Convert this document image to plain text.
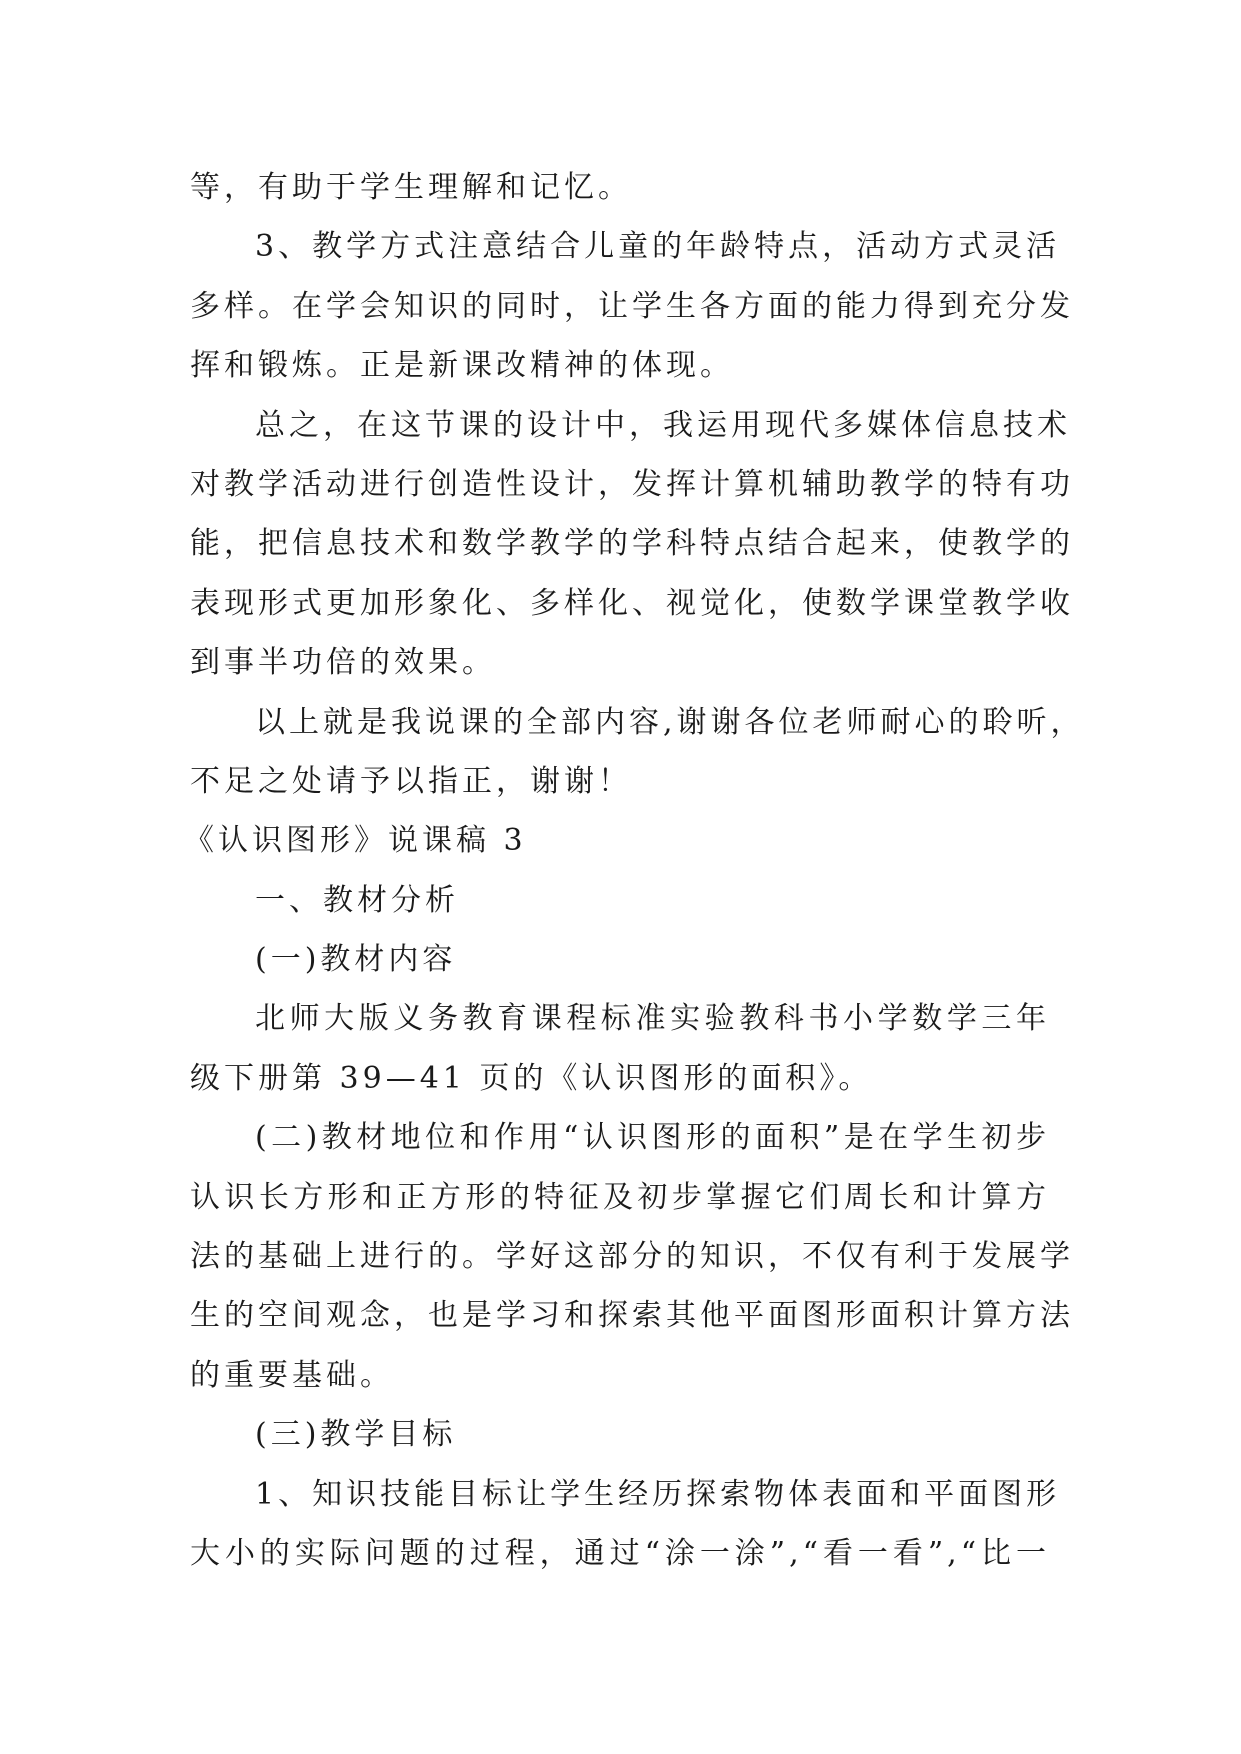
等，有助于学生理解和记忆。
3、教学方式注意结合儿童的年龄特点，活动方式灵活
多样。在学会知识的同时，让学生各方面的能力得到充分发
挥和锻炼。正是新课改精神的体现。
总之，在这节课的设计中，我运用现代多媒体信息技术
对教学活动进行创造性设计，发挥计算机辅助教学的特有功
能，把信息技术和数学教学的学科特点结合起来，使教学的
表现形式更加形象化、多样化、视觉化，使数学课堂教学收
到事半功倍的效果。
以上就是我说课的全部内容,谢谢各位老师耐心的聆听，
不足之处请予以指正，谢谢！
《认识图形》说课稿 3
一、教材分析
(一)教材内容
北师大版义务教育课程标准实验教科书小学数学三年
级下册第 39—41 页的《认识图形的面积》。
(二)教材地位和作用“认识图形的面积”是在学生初步
认识长方形和正方形的特征及初步掌握它们周长和计算方
法的基础上进行的。学好这部分的知识，不仅有利于发展学
生的空间观念，也是学习和探索其他平面图形面积计算方法
的重要基础。
(三)教学目标
1、知识技能目标让学生经历探索物体表面和平面图形
大小的实际问题的过程，通过“涂一涂”,“看一看”,“比一
